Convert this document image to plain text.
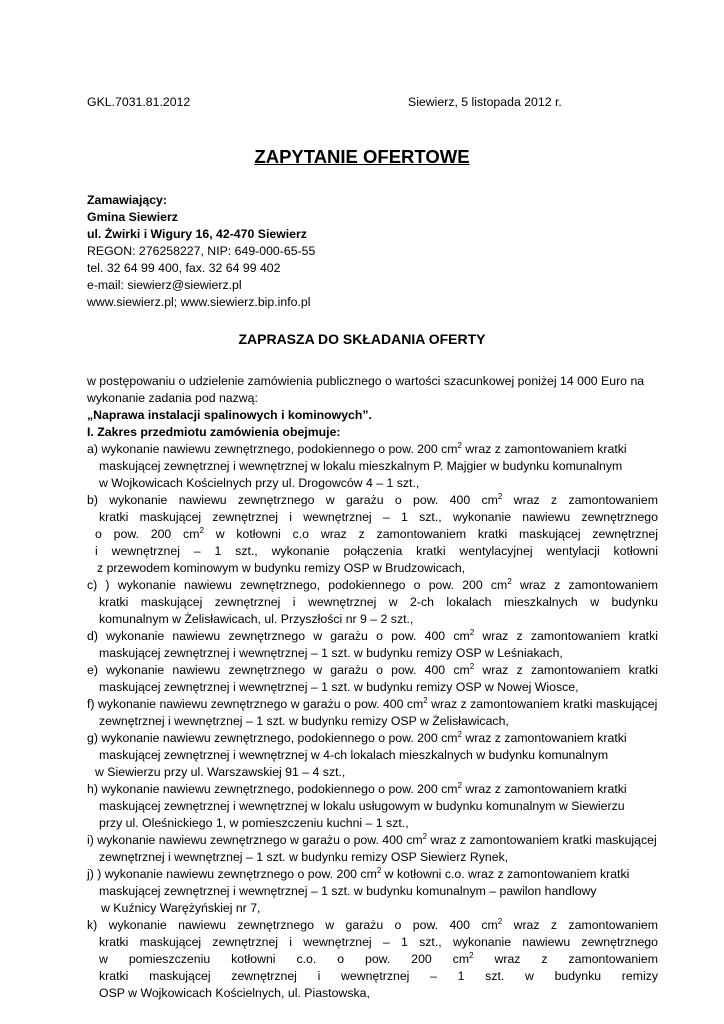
GKL.7031.81.2012	Siewierz, 5 listopada 2012 r.
ZAPYTANIE OFERTOWE
Zamawiający:
Gmina Siewierz
ul. Żwirki i Wigury 16, 42-470 Siewierz
REGON: 276258227, NIP: 649-000-65-55
tel. 32 64 99 400, fax. 32 64 99 402
e-mail: siewierz@siewierz.pl
www.siewierz.pl; www.siewierz.bip.info.pl
ZAPRASZA DO SKŁADANIA OFERTY
w postępowaniu o udzielenie zamówienia publicznego o wartości szacunkowej poniżej 14 000 Euro na
wykonanie zadania pod nazwą:
„Naprawa instalacji spalinowych i kominowych”.
I. Zakres przedmiotu zamówienia obejmuje:
a) wykonanie nawiewu zewnętrznego, podokiennego o pow. 200 $cm^2$ wraz z zamontowaniem kratki
maskującej zewnętrznej i wewnętrznej w lokalu mieszkalnym P. Majgier w budynku komunalnym
w Wojkowicach Kościelnych przy ul. Drogowców 4 – 1 szt.,
b) wykonanie nawiewu zewnętrznego w garażu o pow. 400 $cm^2$ wraz z zamontowaniem
kratki maskującej zewnętrznej i wewnętrznej – 1 szt., wykonanie nawiewu zewnętrznego
o pow. 200 $cm^2$ w kotłowni c.o wraz z zamontowaniem kratki maskującej zewnętrznej
i wewnętrznej – 1 szt., wykonanie połączenia kratki wentylacyjnej wentylacji kotłowni
z przewodem kominowym w budynku remizy OSP w Brudzowicach,
c) ) wykonanie nawiewu zewnętrznego, podokiennego o pow. 200 $cm^2$ wraz z zamontowaniem
kratki maskującej zewnętrznej i wewnętrznej w 2-ch lokalach mieszkalnych w budynku
komunalnym w Żelisławicach, ul. Przyszłości nr 9 – 2 szt.,
d) wykonanie nawiewu zewnętrznego w garażu o pow. 400 $cm^2$ wraz z zamontowaniem kratki
maskującej zewnętrznej i wewnętrznej – 1 szt. w budynku remizy OSP w Leśniakach,
e) wykonanie nawiewu zewnętrznego w garażu o pow. 400 $cm^2$ wraz z zamontowaniem kratki
maskującej zewnętrznej i wewnętrznej – 1 szt. w budynku remizy OSP w Nowej Wiosce,
f) wykonanie nawiewu zewnętrznego w garażu o pow. 400 $cm^2$ wraz z zamontowaniem kratki maskującej
zewnętrznej i wewnętrznej – 1 szt. w budynku remizy OSP w Żelisławicach,
g) wykonanie nawiewu zewnętrznego, podokiennego o pow. 200 $cm^2$ wraz z zamontowaniem kratki
maskującej zewnętrznej i wewnętrznej w 4-ch lokalach mieszkalnych w budynku komunalnym
w Siewierzu przy ul. Warszawskiej 91 – 4 szt.,
h) wykonanie nawiewu zewnętrznego, podokiennego o pow. 200 $cm^2$ wraz z zamontowaniem kratki
maskującej zewnętrznej i wewnętrznej w lokalu usługowym w budynku komunalnym w Siewierzu
przy ul. Oleśnickiego 1, w pomieszczeniu kuchni – 1 szt.,
i) wykonanie nawiewu zewnętrznego w garażu o pow. 400 $cm^2$ wraz z zamontowaniem kratki maskującej
zewnętrznej i wewnętrznej – 1 szt. w budynku remizy OSP Siewierz Rynek,
j) ) wykonanie nawiewu zewnętrznego o pow. 200 $cm^2$ w kotłowni c.o. wraz z zamontowaniem kratki
maskującej zewnętrznej i wewnętrznej – 1 szt. w budynku komunalnym – pawilon handlowy
w Kuźnicy Warężyńskiej nr 7,
k) wykonanie nawiewu zewnętrznego w garażu o pow. 400 $cm^2$ wraz z zamontowaniem
kratki maskującej zewnętrznej i wewnętrznej – 1 szt., wykonanie nawiewu zewnętrznego
w pomieszczeniu kotłowni c.o. o pow. 200 $cm^2$ wraz z zamontowaniem
kratki maskującej zewnętrznej i wewnętrznej – 1 szt. w budynku remizy
OSP w Wojkowicach Kościelnych, ul. Piastowska,
